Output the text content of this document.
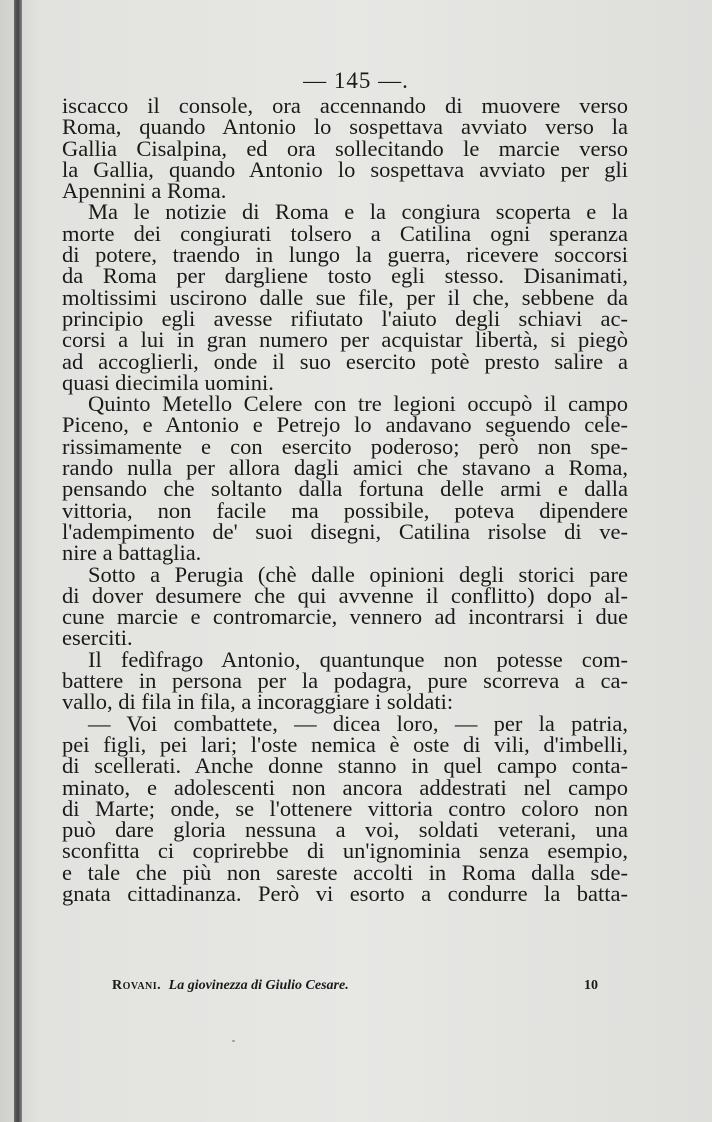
— 145 —.
iscacco il console, ora accennando di muovere verso
Roma, quando Antonio lo sospettava avviato verso la
Gallia Cisalpina, ed ora sollecitando le marcie verso
la Gallia, quando Antonio lo sospettava avviato per gli
Apennini a Roma.
Ma le notizie di Roma e la congiura scoperta e la
morte dei congiurati tolsero a Catilina ogni speranza
di potere, traendo in lungo la guerra, ricevere soccorsi
da Roma per dargliene tosto egli stesso. Disanimati,
moltissimi uscirono dalle sue file, per il che, sebbene da
principio egli avesse rifiutato l'aiuto degli schiavi ac-
corsi a lui in gran numero per acquistar libertà, si piegò
ad accoglierli, onde il suo esercito potè presto salire a
quasi diecimila uomini.
Quinto Metello Celere con tre legioni occupò il campo
Piceno, e Antonio e Petrejo lo andavano seguendo cele-
rissimamente e con esercito poderoso; però non spe-
rando nulla per allora dagli amici che stavano a Roma,
pensando che soltanto dalla fortuna delle armi e dalla
vittoria, non facile ma possibile, poteva dipendere
l'adempimento de' suoi disegni, Catilina risolse di ve-
nire a battaglia.
Sotto a Perugia (chè dalle opinioni degli storici pare
di dover desumere che qui avvenne il conflitto) dopo al-
cune marcie e contromarcie, vennero ad incontrarsi i due
eserciti.
Il fedìfrago Antonio, quantunque non potesse com-
battere in persona per la podagra, pure scorreva a ca-
vallo, di fila in fila, a incoraggiare i soldati:
— Voi combattete, — dicea loro, — per la patria,
pei figli, pei lari; l'oste nemica è oste di vili, d'imbelli,
di scellerati. Anche donne stanno in quel campo conta-
minato, e adolescenti non ancora addestrati nel campo
di Marte; onde, se l'ottenere vittoria contro coloro non
può dare gloria nessuna a voi, soldati veterani, una
sconfitta ci coprirebbe di un'ignominia senza esempio,
e tale che più non sareste accolti in Roma dalla sde-
gnata cittadinanza. Però vi esorto a condurre la batta-
Rovani. La giovinezza di Giulio Cesare.	10
